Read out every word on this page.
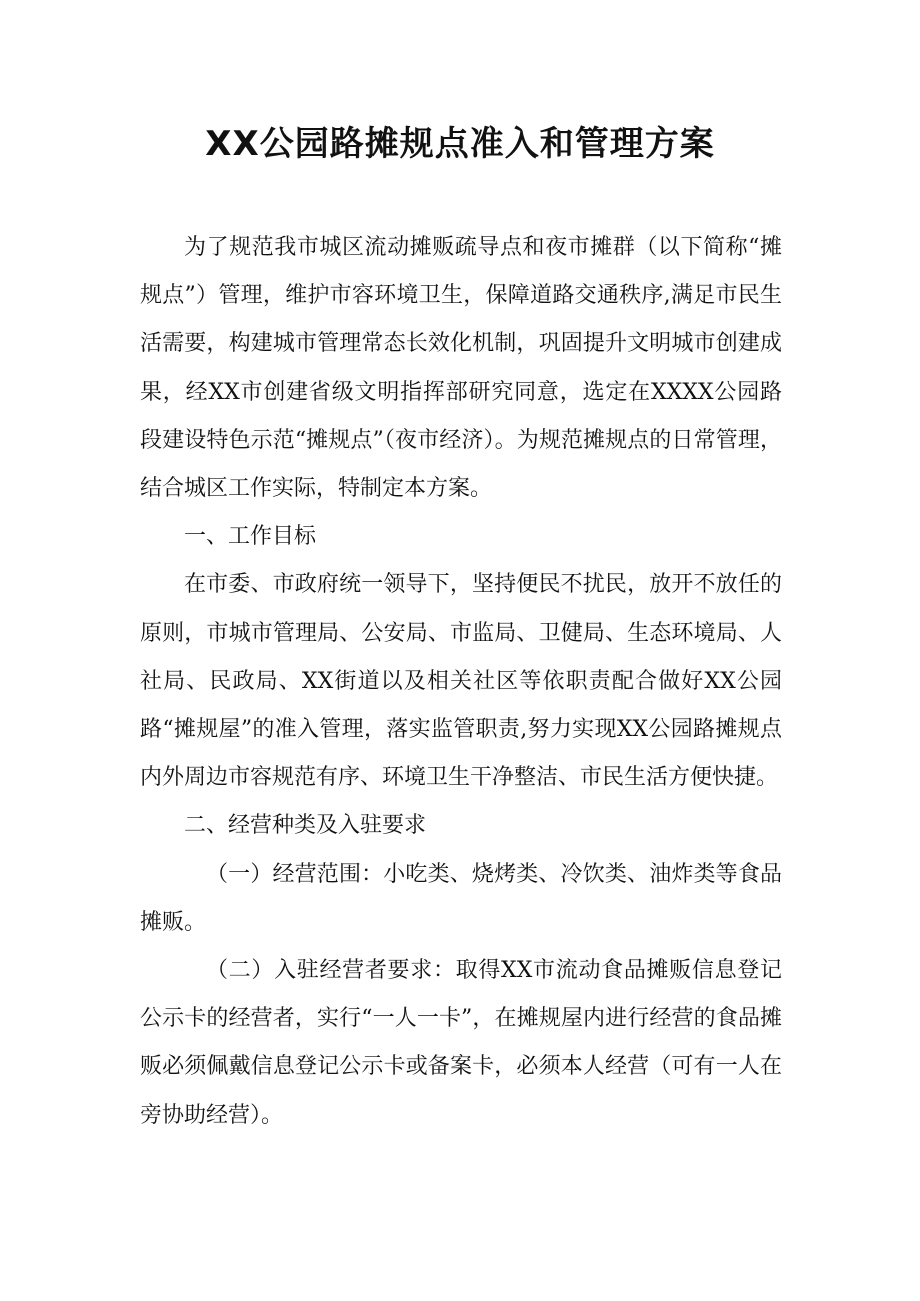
XX公园路摊规点准入和管理方案

为了规范我市城区流动摊贩疏导点和夜市摊群（以下简称“摊规点”）管理，维护市容环境卫生，保障道路交通秩序,满足市民生活需要，构建城市管理常态长效化机制，巩固提升文明城市创建成果，经XX市创建省级文明指挥部研究同意，选定在XXXX公园路段建设特色示范“摊规点”（夜市经济）。为规范摊规点的日常管理，结合城区工作实际，特制定本方案。

一、工作目标

在市委、市政府统一领导下，坚持便民不扰民，放开不放任的原则，市城市管理局、公安局、市监局、卫健局、生态环境局、人社局、民政局、XX街道以及相关社区等依职责配合做好XX公园路“摊规屋”的准入管理，落实监管职责,努力实现XX公园路摊规点内外周边市容规范有序、环境卫生干净整洁、市民生活方便快捷。

二、经营种类及入驻要求

（一）经营范围：小吃类、烧烤类、冷饮类、油炸类等食品摊贩。

（二）入驻经营者要求：取得XX市流动食品摊贩信息登记公示卡的经营者，实行“一人一卡”，在摊规屋内进行经营的食品摊贩必须佩戴信息登记公示卡或备案卡，必须本人经营（可有一人在旁协助经营）。
